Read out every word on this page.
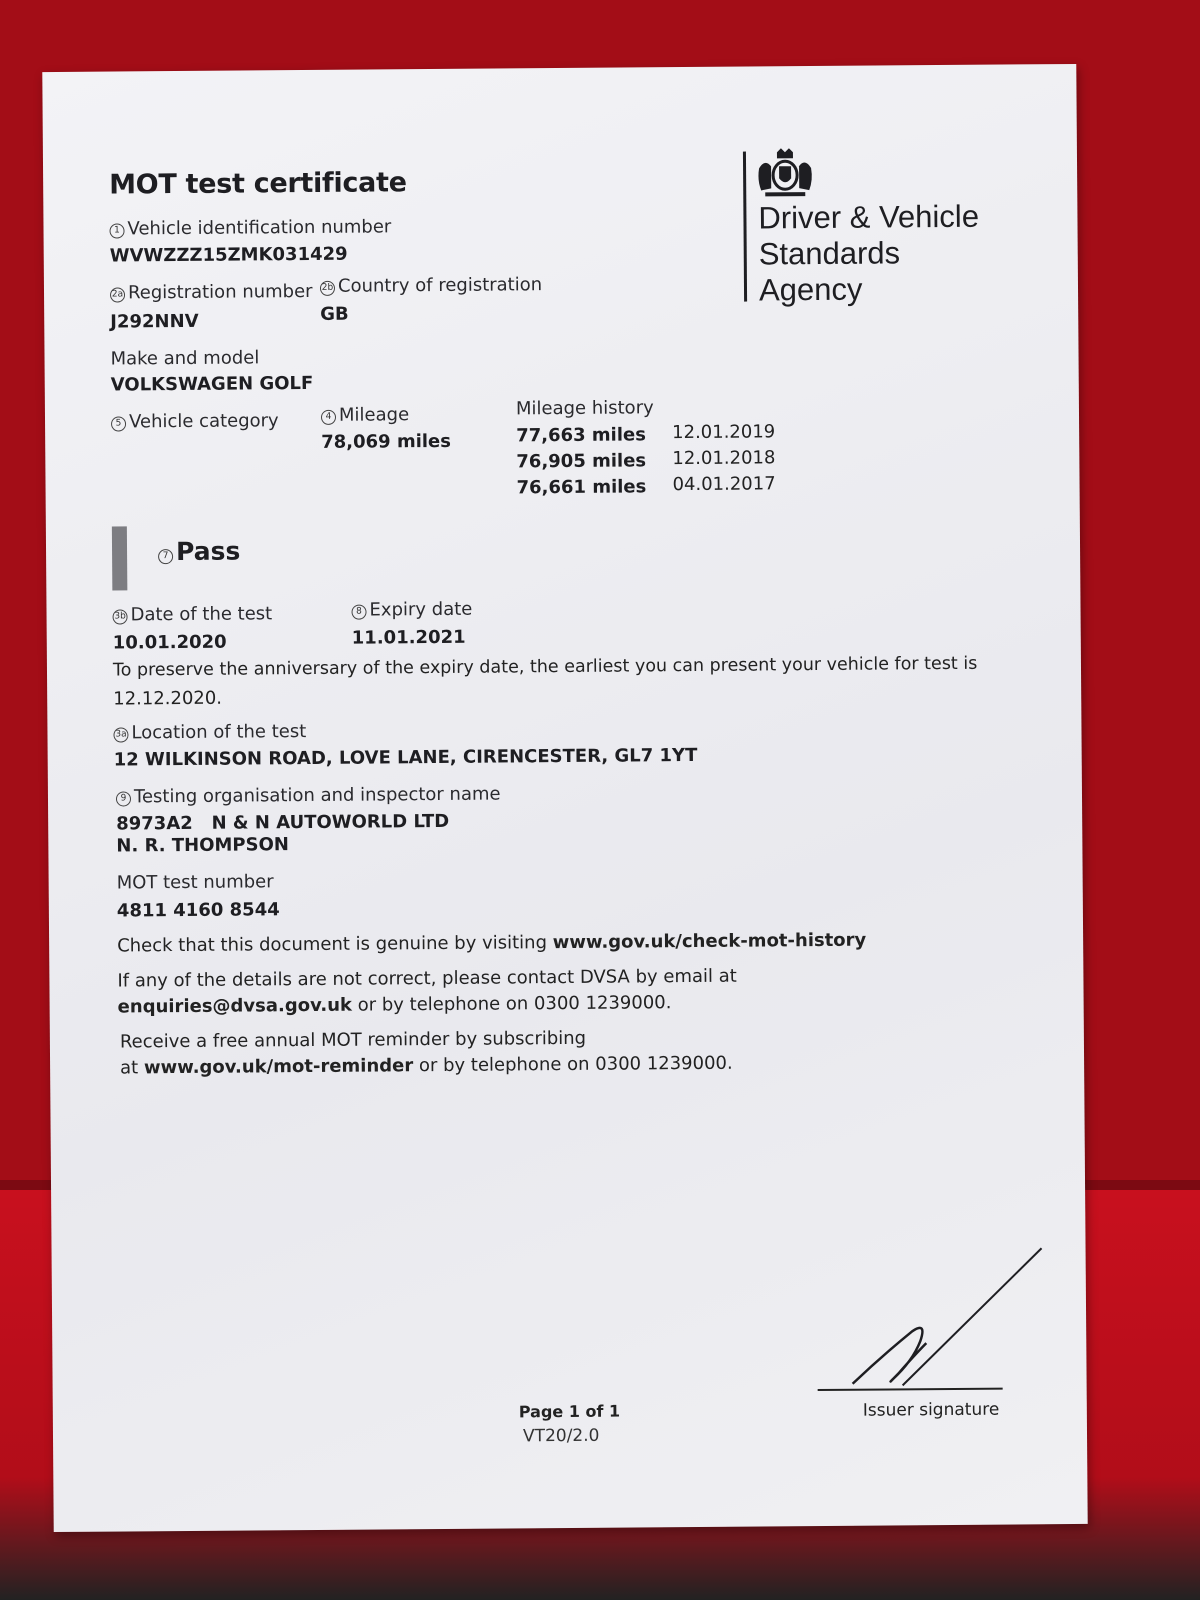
MOT test certificate
Driver & Vehicle
Standards
Agency
1 Vehicle identification number
WVWZZZ15ZMK031429
2a Registration number
J292NNV
2b Country of registration
GB
Make and model
VOLKSWAGEN GOLF
5 Vehicle category	4 Mileage
78,069 miles
Mileage history
77,663 miles 12.01.2019
76,905 miles 12.01.2018
76,661 miles 04.01.2017
7 Pass
3b Date of the test
10.01.2020
8 Expiry date
11.01.2021
To preserve the anniversary of the expiry date, the earliest you can present your vehicle for test is
12.12.2020.
3a Location of the test
12 WILKINSON ROAD, LOVE LANE, CIRENCESTER, GL7 1YT
9 Testing organisation and inspector name
8973A2   N & N AUTOWORLD LTD
N. R. THOMPSON
MOT test number
4811 4160 8544
Check that this document is genuine by visiting www.gov.uk/check-mot-history
If any of the details are not correct, please contact DVSA by email at
enquiries@dvsa.gov.uk or by telephone on 0300 1239000.
Receive a free annual MOT reminder by subscribing
at www.gov.uk/mot-reminder or by telephone on 0300 1239000.
Issuer signature
Page 1 of 1
VT20/2.0
